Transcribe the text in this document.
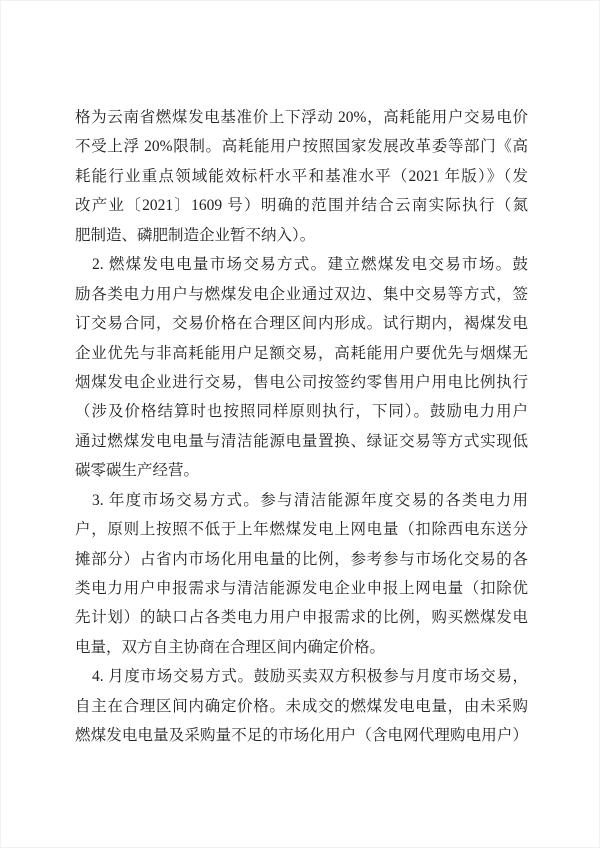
格为云南省燃煤发电基准价上下浮动 20%，高耗能用户交易电价

不受上浮 20%限制。高耗能用户按照国家发展改革委等部门《高

耗能行业重点领域能效标杆水平和基准水平（2021 年版）》（发

改产业〔2021〕1609 号）明确的范围并结合云南实际执行（氮

肥制造、磷肥制造企业暂不纳入）。

2. 燃煤发电电量市场交易方式。建立燃煤发电交易市场。鼓

励各类电力用户与燃煤发电企业通过双边、集中交易等方式，签

订交易合同，交易价格在合理区间内形成。试行期内，褐煤发电

企业优先与非高耗能用户足额交易，高耗能用户要优先与烟煤无

烟煤发电企业进行交易，售电公司按签约零售用户用电比例执行

（涉及价格结算时也按照同样原则执行，下同）。鼓励电力用户

通过燃煤发电电量与清洁能源电量置换、绿证交易等方式实现低

碳零碳生产经营。

3. 年度市场交易方式。参与清洁能源年度交易的各类电力用

户，原则上按照不低于上年燃煤发电上网电量（扣除西电东送分

摊部分）占省内市场化用电量的比例，参考参与市场化交易的各

类电力用户申报需求与清洁能源发电企业申报上网电量（扣除优

先计划）的缺口占各类电力用户申报需求的比例，购买燃煤发电

电量，双方自主协商在合理区间内确定价格。

4. 月度市场交易方式。鼓励买卖双方积极参与月度市场交易，

自主在合理区间内确定价格。未成交的燃煤发电电量，由未采购

燃煤发电电量及采购量不足的市场化用户（含电网代理购电用户）
